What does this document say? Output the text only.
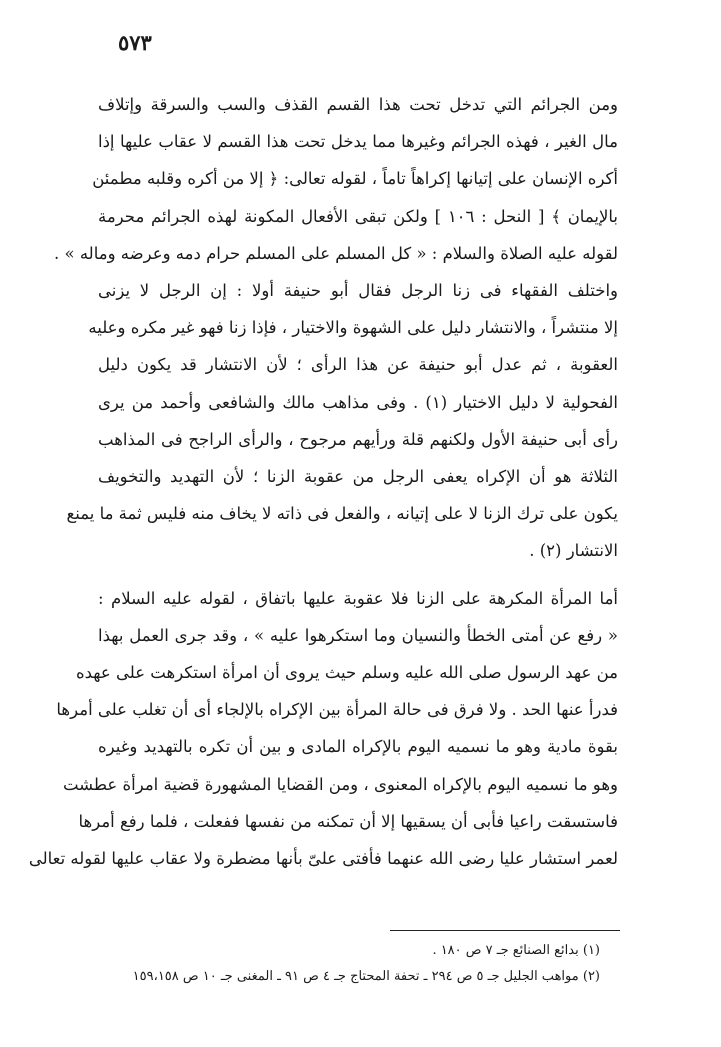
٥٧٣
ومن الجرائم التي تدخل تحت هذا القسم القذف والسب والسرقة وإتلاف
مال الغير ، فهذه الجرائم وغيرها مما يدخل تحت هذا القسم لا عقاب عليها إذا
أكره الإنسان على إتيانها إكراهاً تاماً ، لقوله تعالى: ﴿ إلا من أكره وقلبه مطمئن
بالإيمان ﴾ [ النحل : ١٠٦ ] ولكن تبقى الأفعال المكونة لهذه الجرائم محرمة
لقوله عليه الصلاة والسلام : « كل المسلم على المسلم حرام دمه وعرضه وماله » .
واختلف الفقهاء فى زنا الرجل فقال أبو حنيفة أولا : إن الرجل لا يزنى
إلا منتشراً ، والانتشار دليل على الشهوة والاختيار ، فإذا زنا فهو غير مكره وعليه
العقوبة ، ثم عدل أبو حنيفة عن هذا الرأى ؛ لأن الانتشار قد يكون دليل
الفحولية لا دليل الاختيار (١) . وفى مذاهب مالك والشافعى وأحمد من يرى
رأى أبى حنيفة الأول ولكنهم قلة ورأيهم مرجوح ، والرأى الراجح فى المذاهب
الثلاثة هو أن الإكراه يعفى الرجل من عقوبة الزنا ؛ لأن التهديد والتخويف
يكون على ترك الزنا لا على إتيانه ، والفعل فى ذاته لا يخاف منه فليس ثمة ما يمنع
الانتشار (٢) .
أما المرأة المكرهة على الزنا فلا عقوبة عليها باتفاق ، لقوله عليه السلام :
« رفع عن أمتى الخطأ والنسيان وما استكرهوا عليه » ، وقد جرى العمل بهذا
من عهد الرسول صلى الله عليه وسلم حيث يروى أن امرأة استكرهت على عهده
فدرأ عنها الحد . ولا فرق فى حالة المرأة بين الإكراه بالإلجاء أى أن تغلب على أمرها
بقوة مادية وهو ما نسميه اليوم بالإكراه المادى و بين أن تكره بالتهديد وغيره
وهو ما نسميه اليوم بالإكراه المعنوى ، ومن القضايا المشهورة قضية امرأة عطشت
فاستسقت راعيا فأبى أن يسقيها إلا أن تمكنه من نفسها ففعلت ، فلما رفع أمرها
لعمر استشار عليا رضى الله عنهما فأفتى علىّ بأنها مضطرة ولا عقاب عليها لقوله تعالى
(١) بدائع الصنائع جـ ٧ ص ١٨٠ .
(٢) مواهب الجليل جـ ٥ ص ٢٩٤ ـ تحفة المحتاج جـ ٤ ص ٩١ ـ المغنى جـ ١٠ ص ١٥٩،١٥٨
